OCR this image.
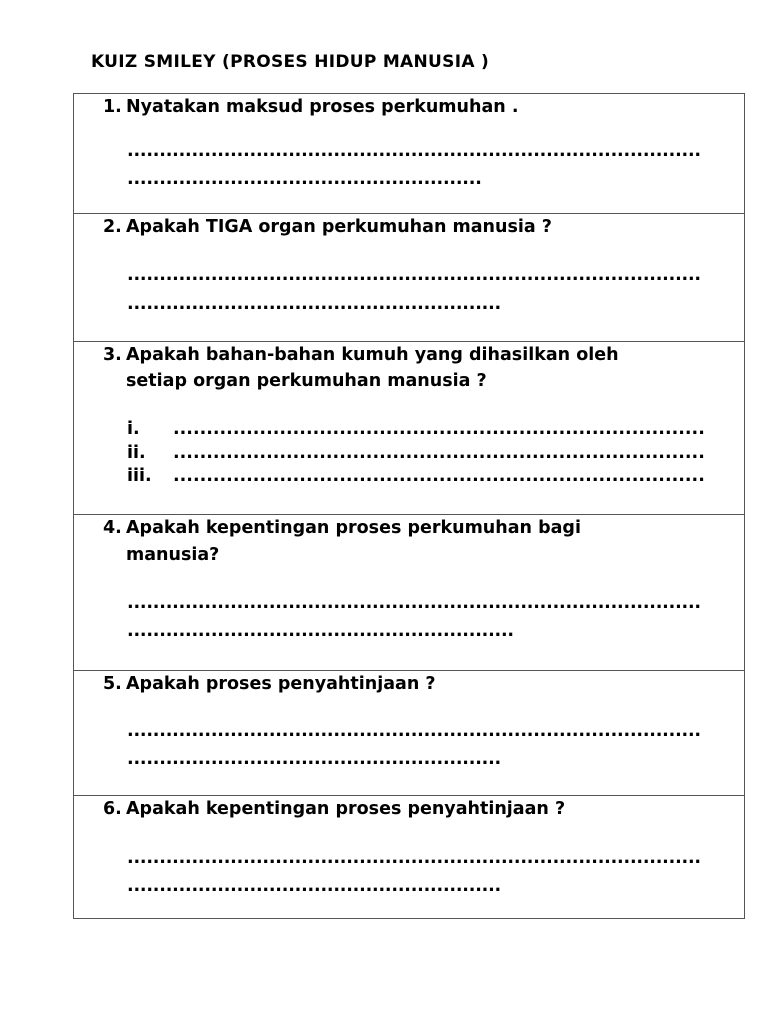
KUIZ SMILEY (PROSES HIDUP MANUSIA )
1. Nyatakan maksud proses perkumuhan .
.........................................................................................
.......................................................
2. Apakah TIGA organ perkumuhan manusia ?
.........................................................................................
..........................................................
3. Apakah bahan-bahan kumuh yang dihasilkan oleh
setiap organ perkumuhan manusia ?
i. ................................................................................
ii. ................................................................................
iii. ................................................................................
4. Apakah kepentingan proses perkumuhan bagi
manusia?
.........................................................................................
............................................................
5. Apakah proses penyahtinjaan ?
.........................................................................................
..........................................................
6. Apakah kepentingan proses penyahtinjaan ?
.........................................................................................
..........................................................
